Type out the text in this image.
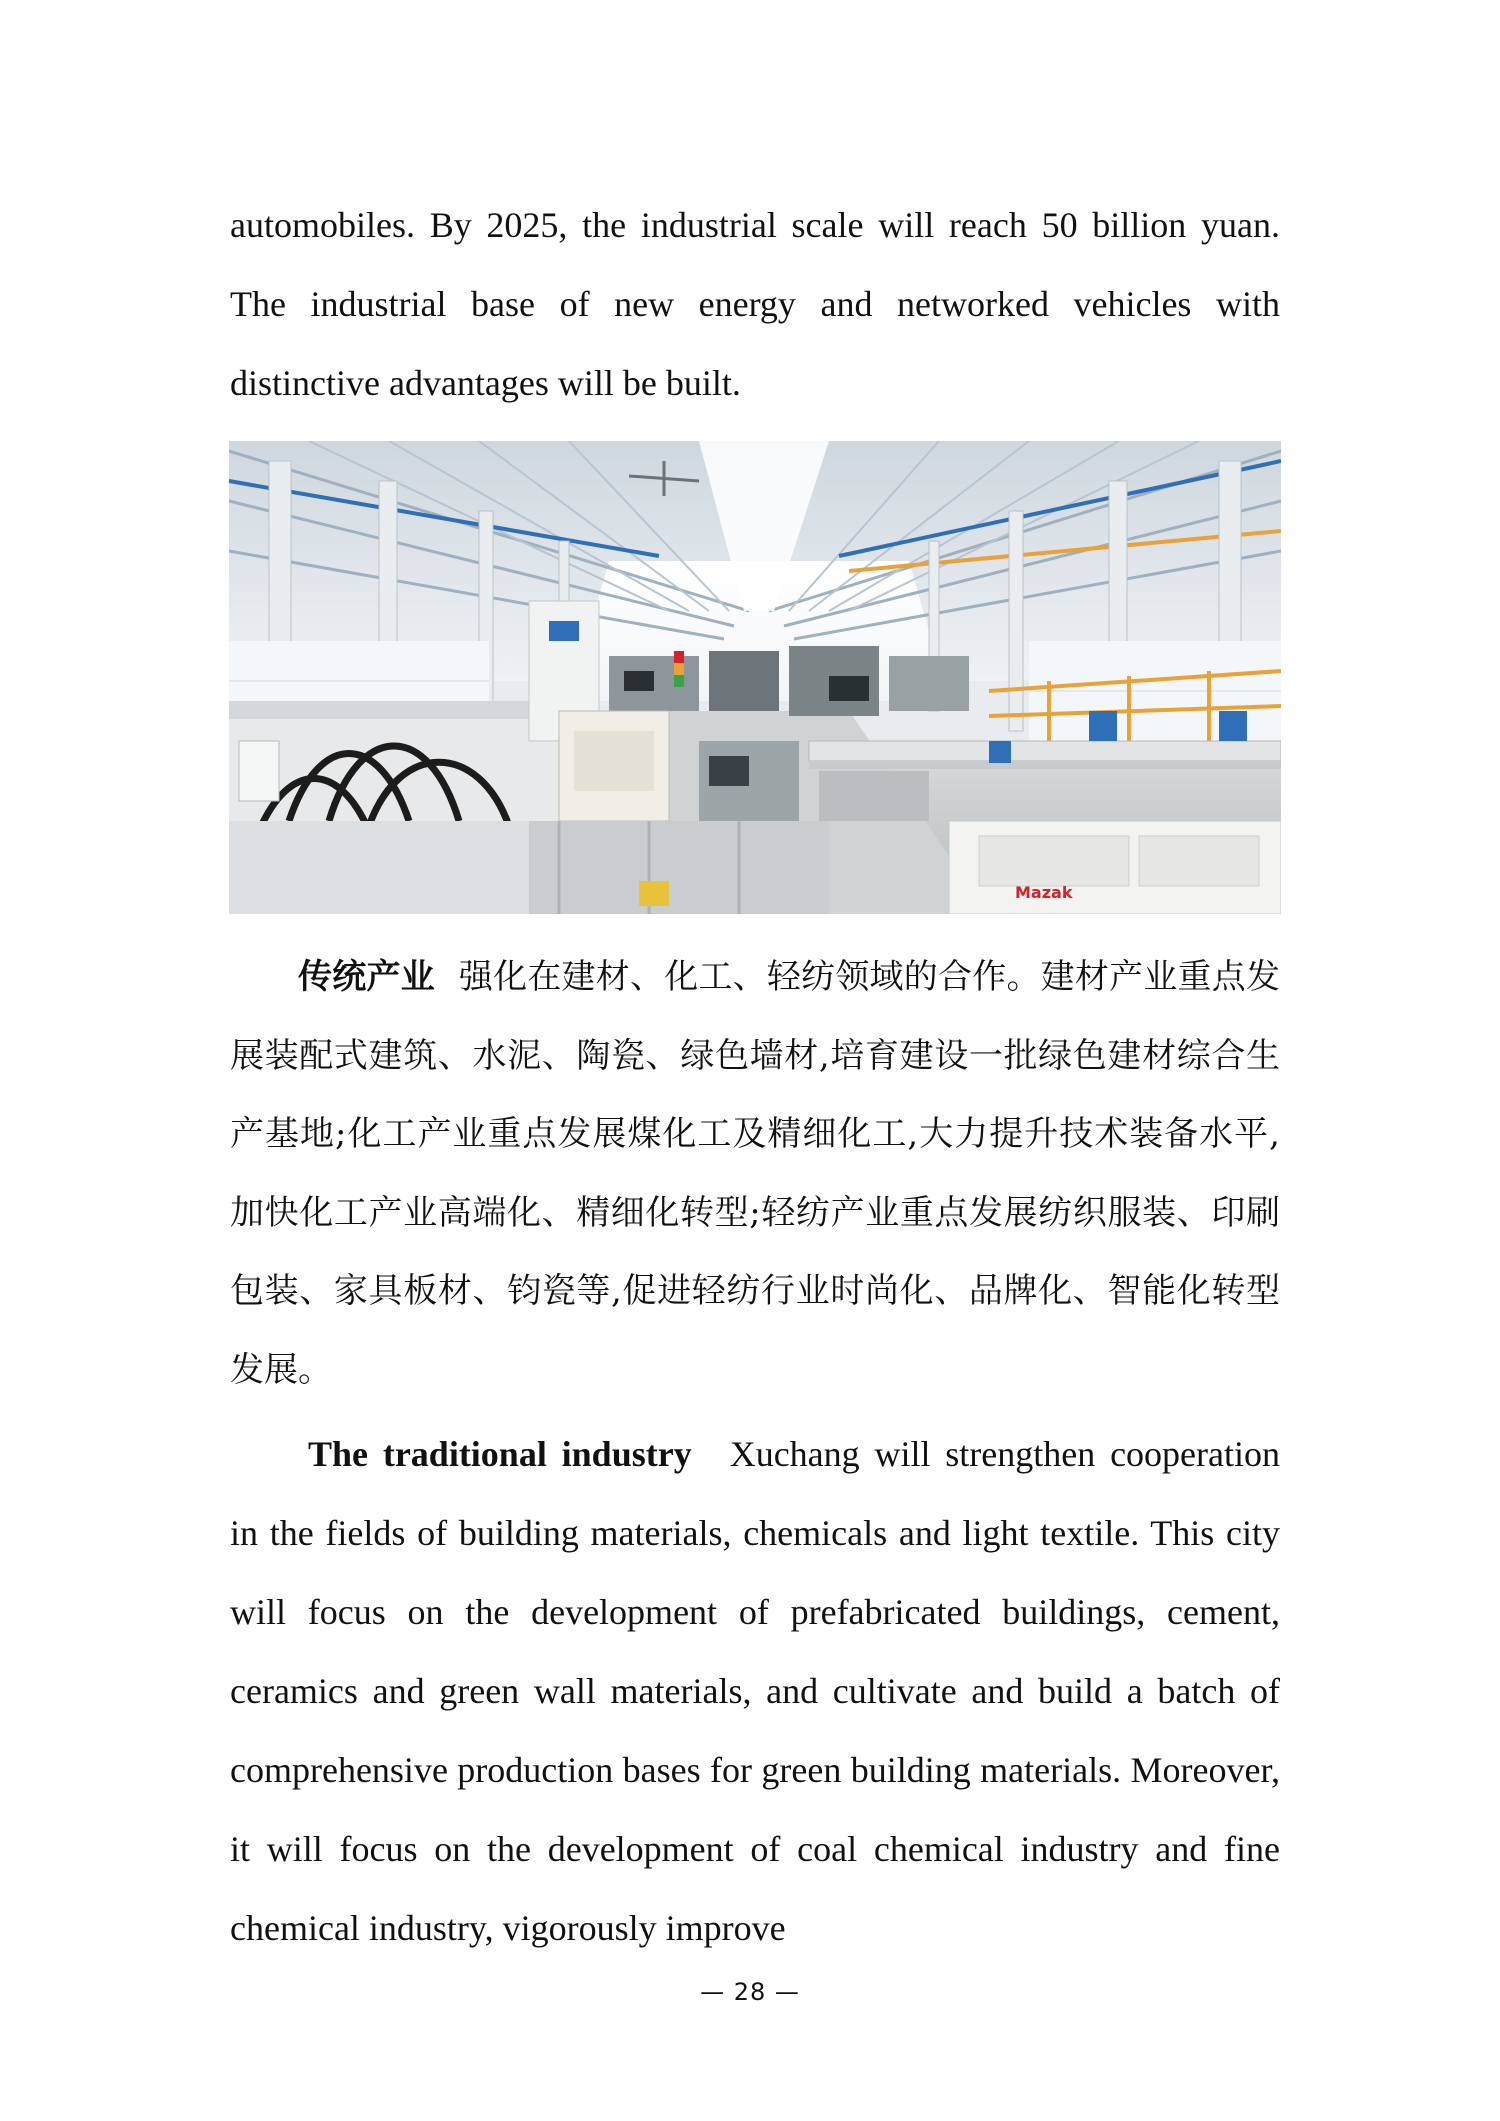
automobiles. By 2025, the industrial scale will reach 50 billion yuan. The industrial base of new energy and networked vehicles with distinctive advantages will be built.
Mazak
传统产业 强化在建材、化工、轻纺领域的合作。建材产业重点发展装配式建筑、水泥、陶瓷、绿色墙材,培育建设一批绿色建材综合生产基地;化工产业重点发展煤化工及精细化工,大力提升技术装备水平,加快化工产业高端化、精细化转型;轻纺产业重点发展纺织服装、印刷包装、家具板材、钧瓷等,促进轻纺行业时尚化、品牌化、智能化转型发展。
The traditional industry Xuchang will strengthen cooperation in the fields of building materials, chemicals and light textile. This city will focus on the development of prefabricated buildings, cement, ceramics and green wall materials, and cultivate and build a batch of comprehensive production bases for green building materials. Moreover, it will focus on the development of coal chemical industry and fine chemical industry, vigorously improve
— 28 —
